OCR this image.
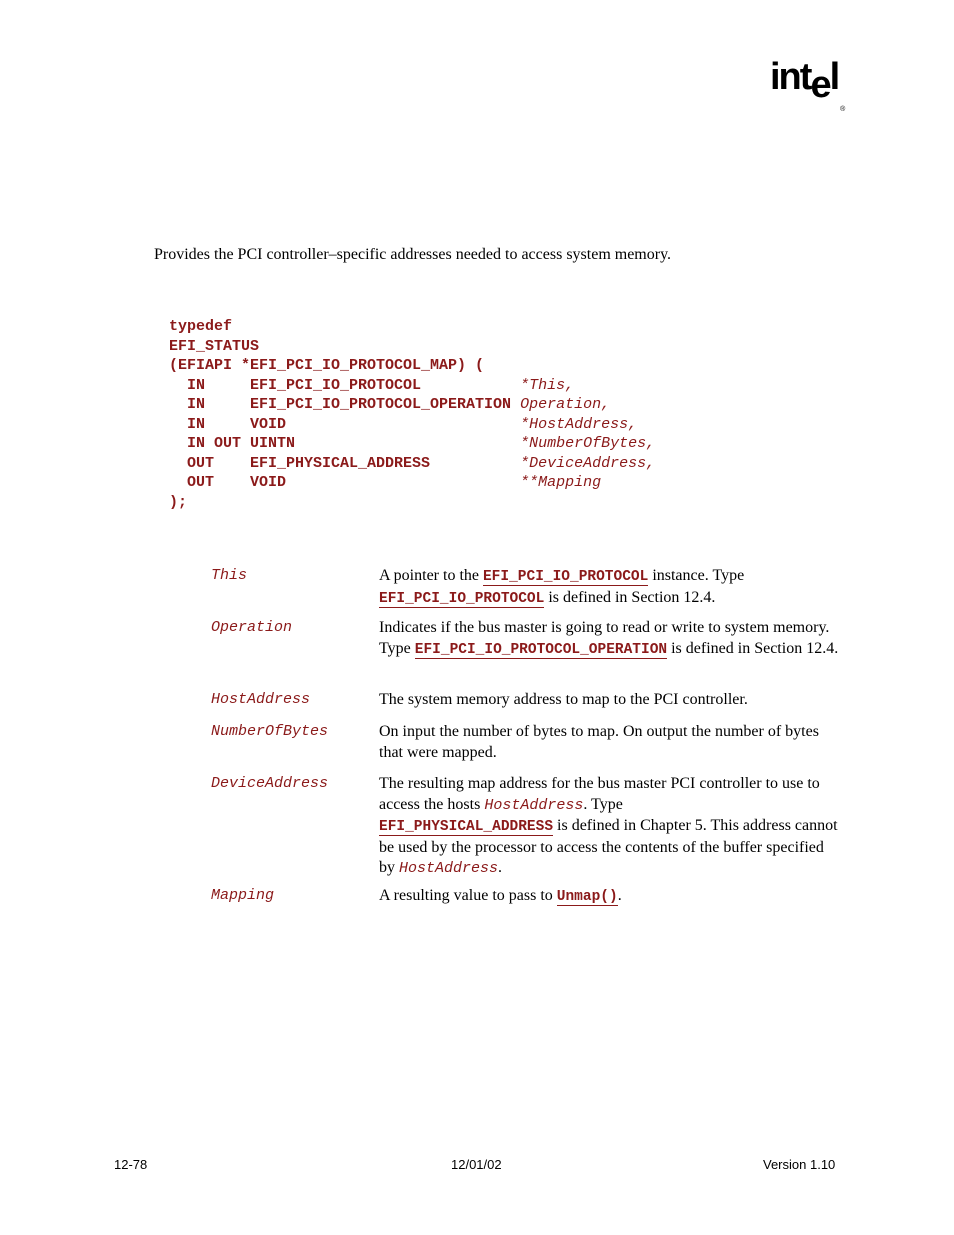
intel$_®$
Provides the PCI controller–specific addresses needed to access system memory.
typedef
EFI_STATUS
(EFIAPI *EFI_PCI_IO_PROTOCOL_MAP) (
IN     EFI_PCI_IO_PROTOCOL           *This,
IN     EFI_PCI_IO_PROTOCOL_OPERATION Operation,
IN     VOID                          *HostAddress,
IN OUT UINTN                         *NumberOfBytes,
OUT    EFI_PHYSICAL_ADDRESS          *DeviceAddress,
OUT    VOID                          **Mapping
);
This	A pointer to the EFI_PCI_IO_PROTOCOL instance. Type
EFI_PCI_IO_PROTOCOL is defined in Section 12.4.
Operation	Indicates if the bus master is going to read or write to system memory. Type EFI_PCI_IO_PROTOCOL_OPERATION is defined in Section 12.4.
HostAddress	The system memory address to map to the PCI controller.
NumberOfBytes	On input the number of bytes to map. On output the number of bytes that were mapped.
DeviceAddress	The resulting map address for the bus master PCI controller to use to access the hosts HostAddress. Type
EFI_PHYSICAL_ADDRESS is defined in Chapter 5. This address cannot be used by the processor to access the contents of the buffer specified by HostAddress.
Mapping	A resulting value to pass to Unmap().
12-78	12/01/02	Version 1.10
